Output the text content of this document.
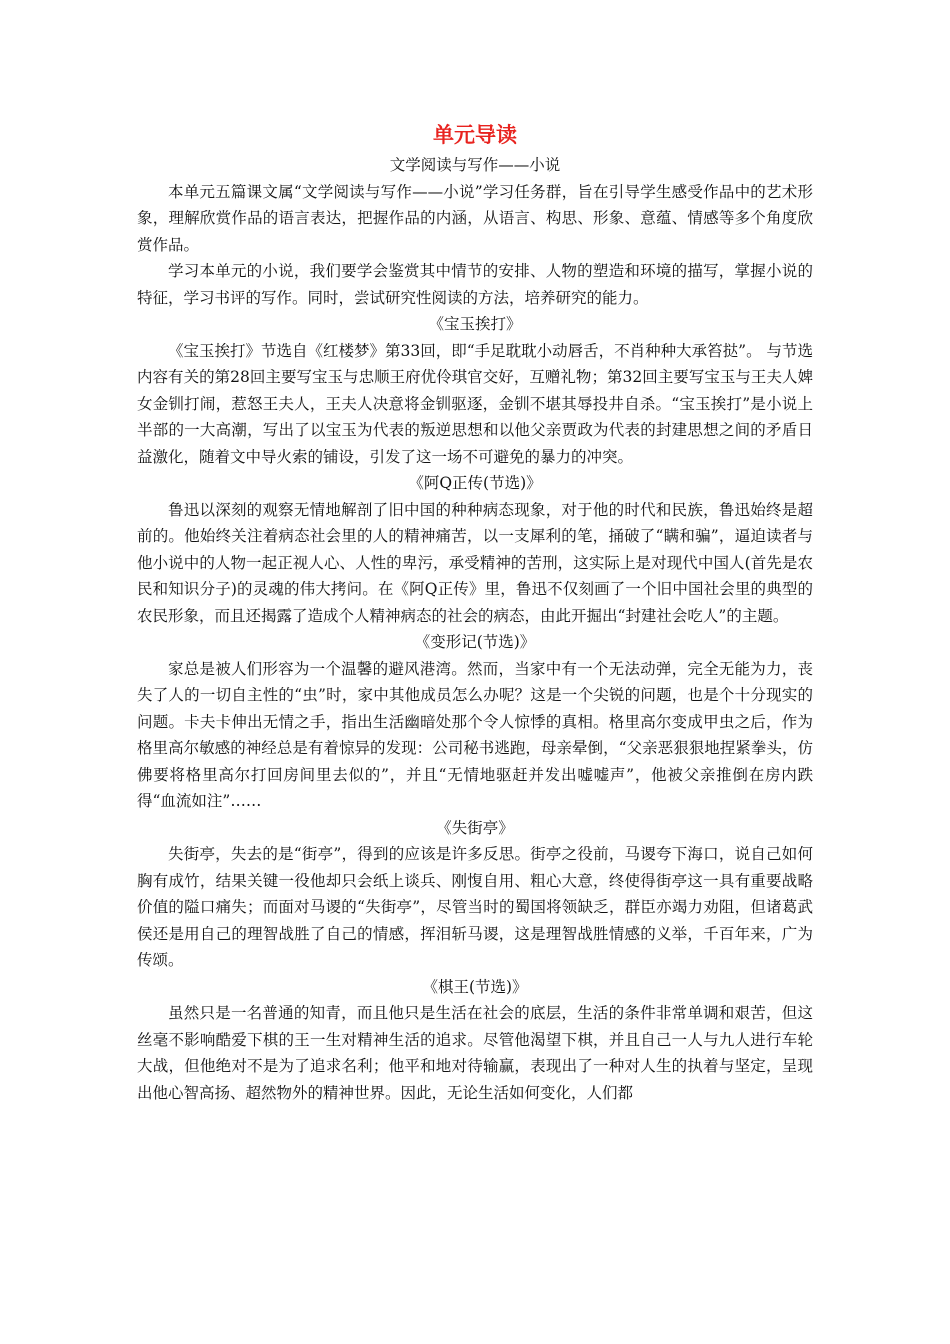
单元导读

文学阅读与写作——小说

本单元五篇课文属“文学阅读与写作——小说”学习任务群，旨在引导学生感受作品中的艺术形象，理解欣赏作品的语言表达，把握作品的内涵，从语言、构思、形象、意蕴、情感等多个角度欣赏作品。

学习本单元的小说，我们要学会鉴赏其中情节的安排、人物的塑造和环境的描写，掌握小说的特征，学习书评的写作。同时，尝试研究性阅读的方法，培养研究的能力。

《宝玉挨打》

《宝玉挨打》节选自《红楼梦》第33回，即“手足耽耽小动唇舌，不肖种种大承笞挞”。 与节选内容有关的第28回主要写宝玉与忠顺王府优伶琪官交好，互赠礼物；第32回主要写宝玉与王夫人婢女金钏打闹，惹怒王夫人，王夫人决意将金钏驱逐，金钏不堪其辱投井自杀。“宝玉挨打”是小说上半部的一大高潮，写出了以宝玉为代表的叛逆思想和以他父亲贾政为代表的封建思想之间的矛盾日益激化，随着文中导火索的铺设，引发了这一场不可避免的暴力的冲突。

《阿Q正传(节选)》

鲁迅以深刻的观察无情地解剖了旧中国的种种病态现象，对于他的时代和民族，鲁迅始终是超前的。他始终关注着病态社会里的人的精神痛苦，以一支犀利的笔，捅破了“瞒和骗”，逼迫读者与他小说中的人物一起正视人心、人性的卑污，承受精神的苦刑，这实际上是对现代中国人(首先是农民和知识分子)的灵魂的伟大拷问。在《阿Q正传》里，鲁迅不仅刻画了一个旧中国社会里的典型的农民形象，而且还揭露了造成个人精神病态的社会的病态，由此开掘出“封建社会吃人”的主题。

《变形记(节选)》

家总是被人们形容为一个温馨的避风港湾。然而，当家中有一个无法动弹，完全无能为力，丧失了人的一切自主性的“虫”时，家中其他成员怎么办呢？这是一个尖锐的问题，也是个十分现实的问题。卡夫卡伸出无情之手，指出生活幽暗处那个令人惊悸的真相。格里高尔变成甲虫之后，作为格里高尔敏感的神经总是有着惊异的发现：公司秘书逃跑，母亲晕倒，“父亲恶狠狠地捏紧拳头，仿佛要将格里高尔打回房间里去似的”，并且“无情地驱赶并发出嘘嘘声”，他被父亲推倒在房内跌得“血流如注”……

《失街亭》

失街亭，失去的是“街亭”，得到的应该是许多反思。街亭之役前，马谡夸下海口，说自己如何胸有成竹，结果关键一役他却只会纸上谈兵、刚愎自用、粗心大意，终使得街亭这一具有重要战略价值的隘口痛失；而面对马谡的“失街亭”，尽管当时的蜀国将领缺乏，群臣亦竭力劝阻，但诸葛武侯还是用自己的理智战胜了自己的情感，挥泪斩马谡，这是理智战胜情感的义举，千百年来，广为传颂。

《棋王(节选)》

虽然只是一名普通的知青，而且他只是生活在社会的底层，生活的条件非常单调和艰苦，但这丝毫不影响酷爱下棋的王一生对精神生活的追求。尽管他渴望下棋，并且自己一人与九人进行车轮大战，但他绝对不是为了追求名利；他平和地对待输赢，表现出了一种对人生的执着与坚定，呈现出他心智高扬、超然物外的精神世界。因此，无论生活如何变化，人们都
